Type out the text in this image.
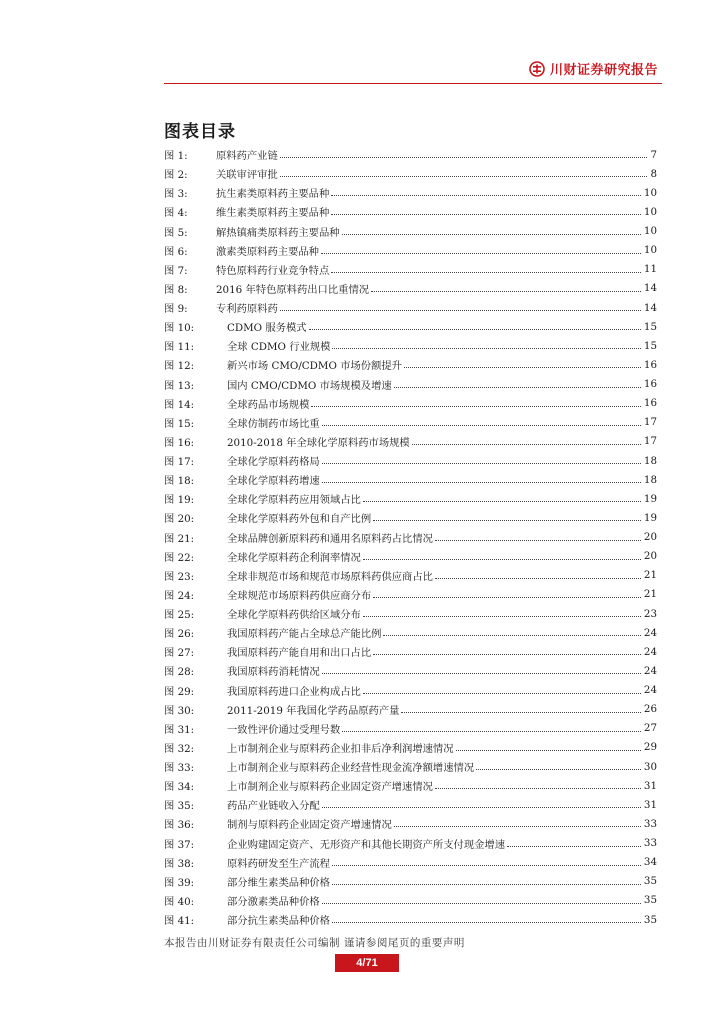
川财证券研究报告
图表目录
图 1:	原料药产业链	7
图 2:	关联审评审批	8
图 3:	抗生素类原料药主要品种	10
图 4:	维生素类原料药主要品种	10
图 5:	解热镇痛类原料药主要品种	10
图 6:	激素类原料药主要品种	10
图 7:	特色原料药行业竞争特点	11
图 8:	2016 年特色原料药出口比重情况	14
图 9:	专利药原料药	14
图 10:	CDMO 服务模式	15
图 11:	全球 CDMO 行业规模	15
图 12:	新兴市场 CMO/CDMO 市场份额提升	16
图 13:	国内 CMO/CDMO 市场规模及增速	16
图 14:	全球药品市场规模	16
图 15:	全球仿制药市场比重	17
图 16:	2010-2018 年全球化学原料药市场规模	17
图 17:	全球化学原料药格局	18
图 18:	全球化学原料药增速	18
图 19:	全球化学原料药应用领域占比	19
图 20:	全球化学原料药外包和自产比例	19
图 21:	全球品牌创新原料药和通用名原料药占比情况	20
图 22:	全球化学原料药企利润率情况	20
图 23:	全球非规范市场和规范市场原料药供应商占比	21
图 24:	全球规范市场原料药供应商分布	21
图 25:	全球化学原料药供给区域分布	23
图 26:	我国原料药产能占全球总产能比例	24
图 27:	我国原料药产能自用和出口占比	24
图 28:	我国原料药消耗情况	24
图 29:	我国原料药进口企业构成占比	24
图 30:	2011-2019 年我国化学药品原药产量	26
图 31:	一致性评价通过受理号数	27
图 32:	上市制剂企业与原料药企业扣非后净利润增速情况	29
图 33:	上市制剂企业与原料药企业经营性现金流净额增速情况	30
图 34:	上市制剂企业与原料药企业固定资产增速情况	31
图 35:	药品产业链收入分配	31
图 36:	制剂与原料药企业固定资产增速情况	33
图 37:	企业购建固定资产、无形资产和其他长期资产所支付现金增速	33
图 38:	原料药研发至生产流程	34
图 39:	部分维生素类品种价格	35
图 40:	部分激素类品种价格	35
图 41:	部分抗生素类品种价格	35
本报告由川财证券有限责任公司编制 谨请参阅尾页的重要声明
4/71
